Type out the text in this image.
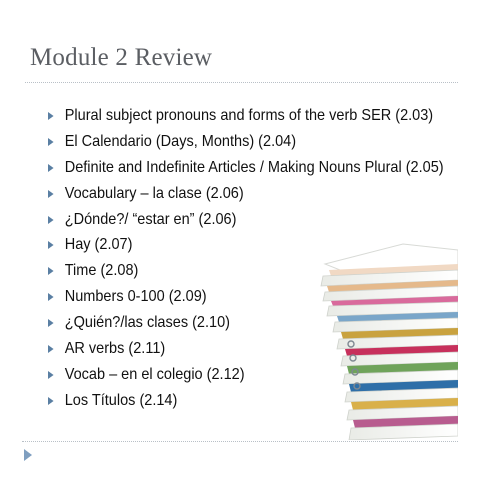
Module 2 Review
Plural subject pronouns and forms of the verb SER (2.03)
El Calendario (Days, Months) (2.04)
Definite and Indefinite Articles / Making Nouns Plural (2.05)
Vocabulary – la clase (2.06)
¿Dónde?/ “estar en” (2.06)
Hay (2.07)
Time (2.08)
Numbers 0-100 (2.09)
¿Quién?/las clases (2.10)
AR verbs (2.11)
Vocab – en el colegio (2.12)
Los Títulos (2.14)
